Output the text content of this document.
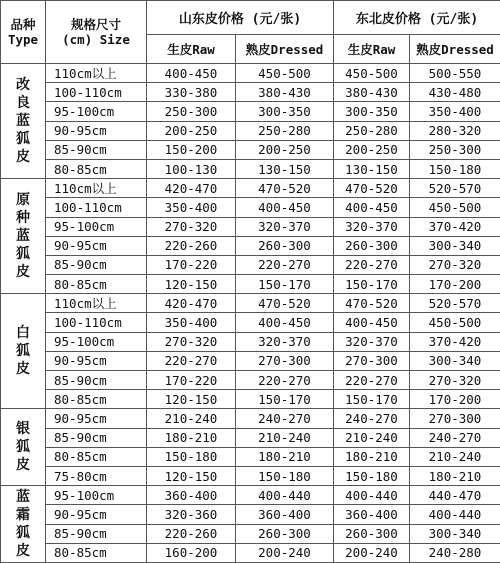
品种
Type	规格尺寸
(cm) Size	山东皮价格 (元/张)		东北皮价格 (元/张)	
		生皮Raw	熟皮Dressed	生皮Raw	熟皮Dressed

改
良
蓝
狐
皮	110cm以上	400-450	450-500	450-500	500-550
	100-110cm	330-380	380-430	380-430	430-480
	95-100cm	250-300	300-350	300-350	350-400
	90-95cm	200-250	250-280	250-280	280-320
	85-90cm	150-200	200-250	200-250	250-300
	80-85cm	100-130	130-150	130-150	150-180

原
种
蓝
狐
皮	110cm以上	420-470	470-520	470-520	520-570
	100-110cm	350-400	400-450	400-450	450-500
	95-100cm	270-320	320-370	320-370	370-420
	90-95cm	220-260	260-300	260-300	300-340
	85-90cm	170-220	220-270	220-270	270-320
	80-85cm	120-150	150-170	150-170	170-200

白
狐
皮	110cm以上	420-470	470-520	470-520	520-570
	100-110cm	350-400	400-450	400-450	450-500
	95-100cm	270-320	320-370	320-370	370-420
	90-95cm	220-270	270-300	270-300	300-340
	85-90cm	170-220	220-270	220-270	270-320
	80-85cm	120-150	150-170	150-170	170-200

银
狐
皮	90-95cm	210-240	240-270	240-270	270-300
	85-90cm	180-210	210-240	210-240	240-270
	80-85cm	150-180	180-210	180-210	210-240
	75-80cm	120-150	150-180	150-180	180-210

蓝
霜
狐
皮	95-100cm	360-400	400-440	400-440	440-470
	90-95cm	320-360	360-400	360-400	400-440
	85-90cm	220-260	260-300	260-300	300-340
	80-85cm	160-200	200-240	200-240	240-280
